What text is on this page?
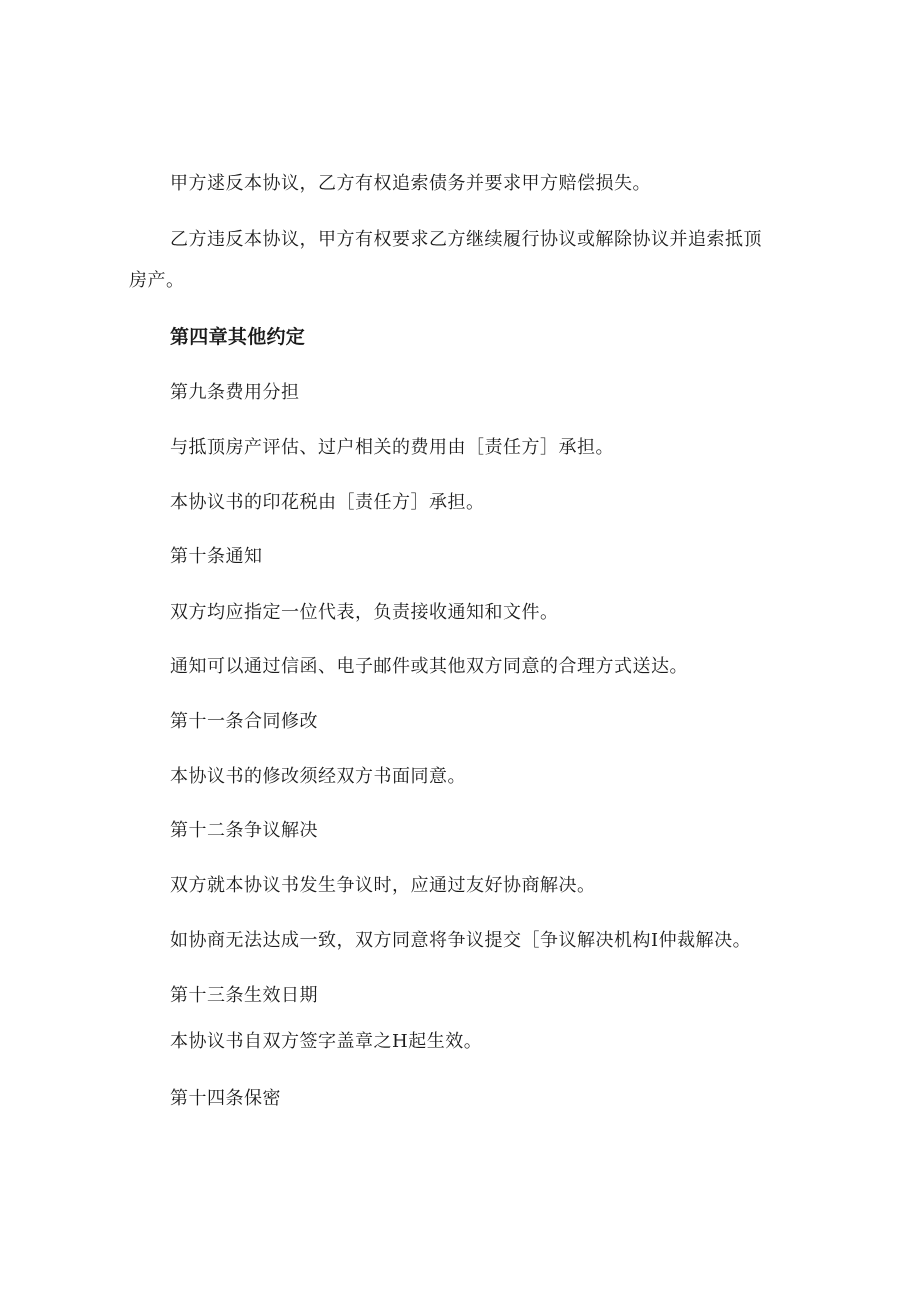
甲方逑反本协议，乙方有权追索债务并要求甲方赔偿损失。
乙方违反本协议，甲方有权要求乙方继续履行协议或解除协议并追索抵顶
房产。
第四章其他约定
第九条费用分担
与抵顶房产评估、过户相关的费用由［责任方］承担。
本协议书的印花税由［责任方］承担。
第十条通知
双方均应指定一位代表，负责接收通知和文件。
通知可以通过信函、电子邮件或其他双方同意的合理方式送达。
第十一条合同修改
本协议书的修改须经双方书面同意。
第十二条争议解决
双方就本协议书发生争议时，应通过友好协商解决。
如协商无法达成一致，双方同意将争议提交［争议解决机构I仲裁解决。
第十三条生效日期
本协议书自双方签字盖章之H起生效。
第十四条保密
